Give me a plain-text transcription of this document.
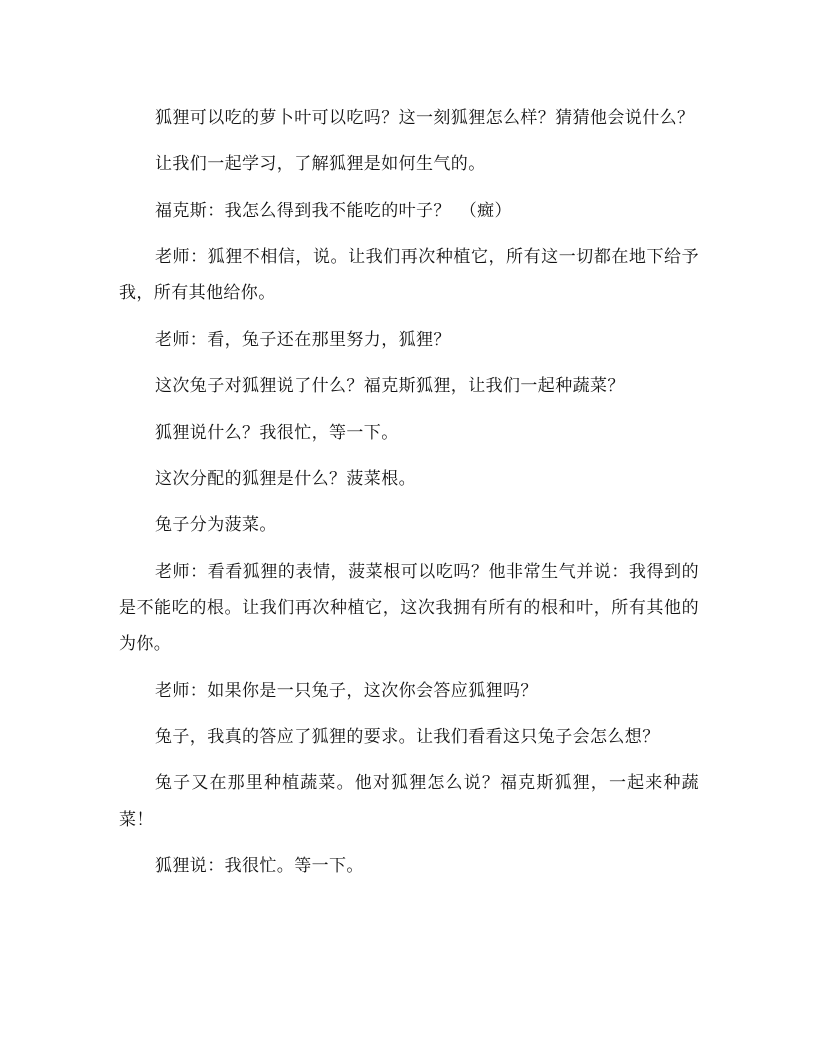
狐狸可以吃的萝卜叶可以吃吗？这一刻狐狸怎么样？猜猜他会说什么？

让我们一起学习，了解狐狸是如何生气的。

福克斯：我怎么得到我不能吃的叶子？　（癍）

老师：狐狸不相信，说。让我们再次种植它，所有这一切都在地下给予我，所有其他给你。

老师：看，兔子还在那里努力，狐狸？

这次兔子对狐狸说了什么？福克斯狐狸，让我们一起种蔬菜？

狐狸说什么？我很忙，等一下。

这次分配的狐狸是什么？菠菜根。

兔子分为菠菜。

老师：看看狐狸的表情，菠菜根可以吃吗？他非常生气并说：我得到的是不能吃的根。让我们再次种植它，这次我拥有所有的根和叶，所有其他的为你。

老师：如果你是一只兔子，这次你会答应狐狸吗？

兔子，我真的答应了狐狸的要求。让我们看看这只兔子会怎么想？

兔子又在那里种植蔬菜。他对狐狸怎么说？福克斯狐狸，一起来种蔬菜！

狐狸说：我很忙。等一下。
